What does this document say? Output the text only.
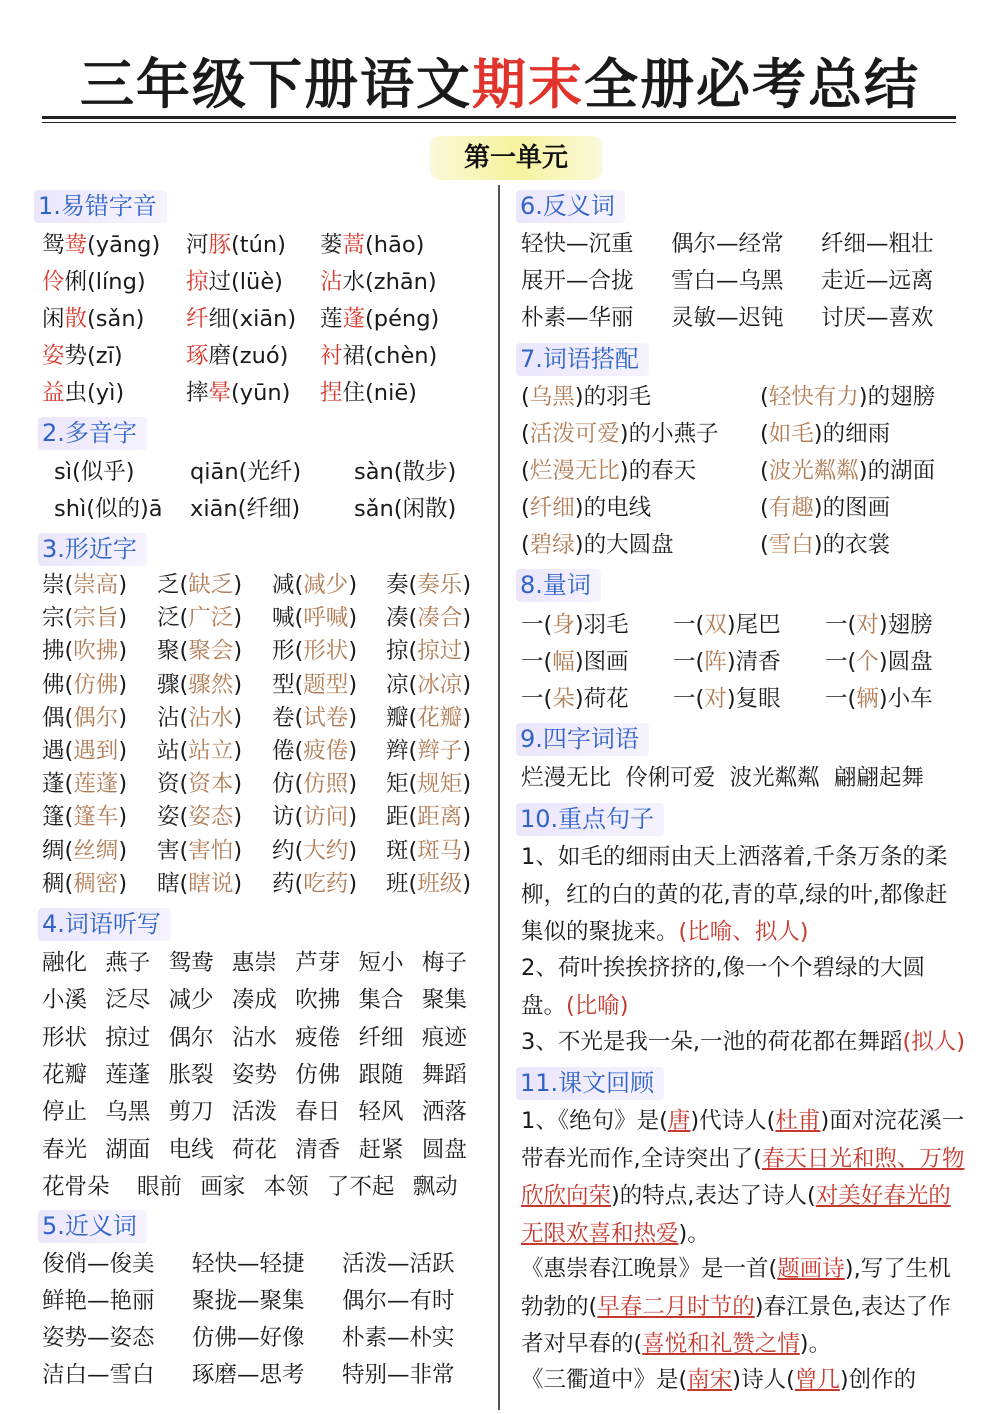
三年级下册语文期末全册必考总结
第一单元
1.易错字音
鸳鸯(yāng) 河豚(tún) 蒌蒿(hāo)
伶俐(líng) 掠过(lüè) 沾水(zhān)
闲散(sǎn) 纤细(xiān) 莲蓬(péng)
姿势(zī)	琢磨(zuó) 衬裙(chèn)
益虫(yì)	摔晕(yūn) 捏住(niē)
2.多音字
sì(似乎) qiān(光纤) sàn(散步)
shì(似的)ā xiān(纤细) sǎn(闲散)
3.形近字
崇(崇高) 乏(缺乏) 减(减少) 奏(奏乐)
宗(宗旨) 泛(广泛) 喊(呼喊) 凑(凑合)
拂(吹拂) 聚(聚会) 形(形状) 掠(掠过)
佛(仿佛) 骤(骤然) 型(题型) 凉(冰凉)
偶(偶尔) 沾(沾水) 卷(试卷) 瓣(花瓣)
遇(遇到) 站(站立) 倦(疲倦) 辫(辫子)
蓬(莲蓬) 资(资本) 仿(仿照) 矩(规矩)
篷(篷车) 姿(姿态) 访(访问) 距(距离)
绸(丝绸) 害(害怕) 约(大约) 斑(斑马)
稠(稠密) 瞎(瞎说) 药(吃药) 班(班级)
4.词语听写
融化  燕子  鸳鸯  惠崇  芦芽  短小  梅子
小溪  泛尽  减少  凑成  吹拂  集合  聚集
形状  掠过  偶尔  沾水  疲倦  纤细  痕迹
花瓣  莲蓬  胀裂  姿势  仿佛  跟随  舞蹈
停止  乌黑  剪刀  活泼  春日  轻风  洒落
春光  湖面  电线  荷花  清香  赶紧  圆盘
花骨朵   眼前  画家  本领  了不起  飘动
5.近义词
俊俏—俊美 轻快—轻捷 活泼—活跃
鲜艳—艳丽 聚拢—聚集 偶尔—有时
姿势—姿态 仿佛—好像 朴素—朴实
洁白—雪白 琢磨—思考 特别—非常
6.反义词
轻快—沉重 偶尔—经常 纤细—粗壮
展开—合拢 雪白—乌黑 走近—远离
朴素—华丽 灵敏—迟钝 讨厌—喜欢
7.词语搭配
(乌黑)的羽毛	(轻快有力)的翅膀
(活泼可爱)的小燕子 (如毛)的细雨
(烂漫无比)的春天	(波光粼粼)的湖面
(纤细)的电线	(有趣)的图画
(碧绿)的大圆盘	(雪白)的衣裳
8.量词
一(身)羽毛 一(双)尾巴 一(对)翅膀
一(幅)图画 一(阵)清香 一(个)圆盘
一(朵)荷花 一(对)复眼 一(辆)小车
9.四字词语
烂漫无比  伶俐可爱  波光粼粼  翩翩起舞
10.重点句子
1、如毛的细雨由天上洒落着,千条万条的柔柳，红的白的黄的花,青的草,绿的叶,都像赶集似的聚拢来。(比喻、拟人)
2、荷叶挨挨挤挤的,像一个个碧绿的大圆盘。(比喻)
3、不光是我一朵,一池的荷花都在舞蹈(拟人)
11.课文回顾
1、《绝句》是(唐)代诗人(杜甫)面对浣花溪一带春光而作,全诗突出了(春天日光和煦、万物欣欣向荣)的特点,表达了诗人(对美好春光的无限欢喜和热爱)。
《惠崇春江晚景》是一首(题画诗),写了生机勃勃的(早春二月时节的)春江景色,表达了作者对早春的(喜悦和礼赞之情)。
《三衢道中》是(南宋)诗人(曾几)创作的
